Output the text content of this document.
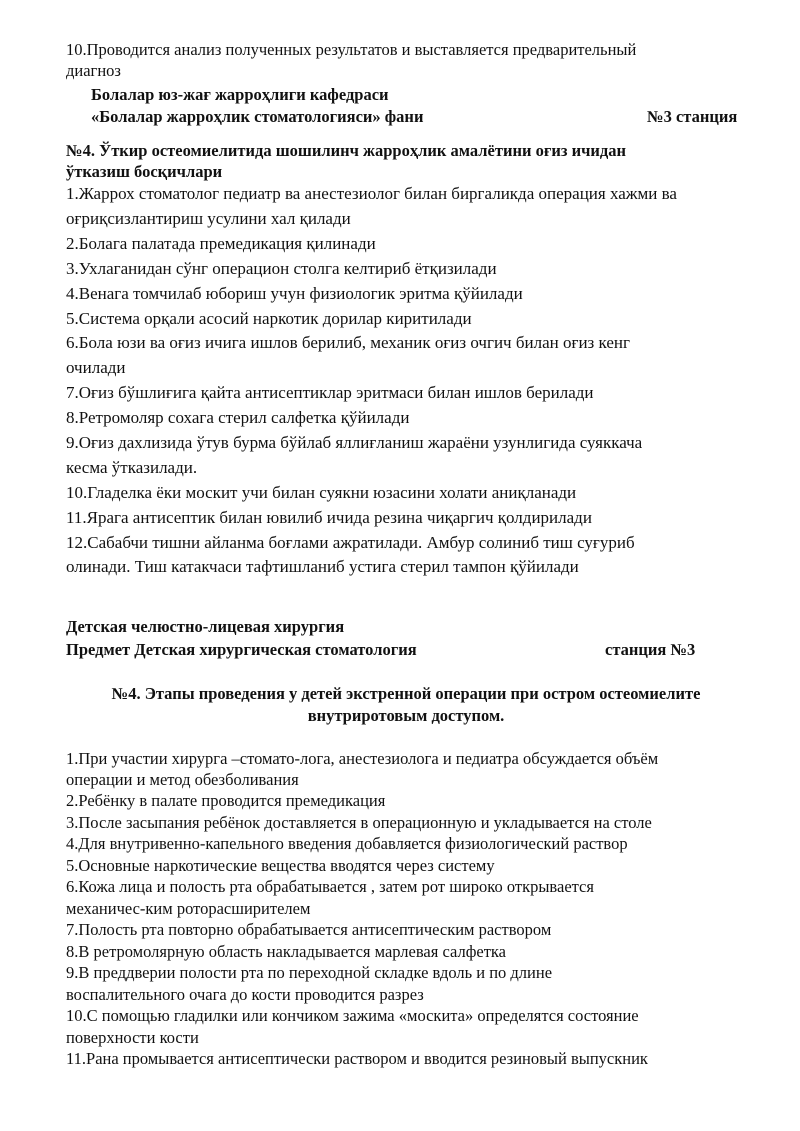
10.Проводится анализ полученных результатов и выставляется предварительный

диагноз

Болалар юз-жағ жарроҳлиги кафедраси

«Болалар жарроҳлик стоматологияси» фани	№3 станция

№4. Ўткир остеомиелитида шошилинч жарроҳлик амалётини оғиз ичидан

ўтказиш босқичлари

1.Жаррох стоматолог педиатр ва анестезиолог билан биргаликда операция хажми ва

оғриқсизлантириш усулини хал қилади

2.Болага палатада премедикация қилинади

3.Ухлаганидан сўнг операцион столга келтириб ётқизилади

4.Венага томчилаб юбориш учун физиологик эритма қўйилади

5.Система орқали асосий наркотик дорилар киритилади

6.Бола юзи ва оғиз ичига ишлов берилиб, механик оғиз очгич билан оғиз кенг

очилади

7.Оғиз бўшлиғига қайта антисептиклар эритмаси билан ишлов берилади

8.Ретромоляр сохага стерил салфетка қўйилади

9.Оғиз дахлизида ўтув бурма бўйлаб яллиғланиш жараёни узунлигида суяккача

кесма ўтказилади.

10.Гладелка ёки москит учи билан суякни юзасини холати аниқланади

11.Ярага антисептик билан ювилиб ичида резина чиқаргич қолдирилади

12.Сабабчи тишни айланма боғлами ажратилади. Амбур солиниб тиш суғуриб

олинади. Тиш катакчаси тафтишланиб устига стерил тампон қўйилади

Детская челюстно-лицевая хирургия

Предмет Детская хирургическая стоматология	станция №3

№4. Этапы проведения у детей экстренной операции при остром остеомиелите

внутриротовым доступом.

1.При участии хирурга –стомато-лога, анестезиолога и педиатра обсуждается объём

операции и метод обезболивания

2.Ребёнку в палате проводится премедикация

3.После засыпания ребёнок доставляется в операционную и укладывается на столе

4.Для внутривенно-капельного введения добавляется физиологический раствор

5.Основные наркотические вещества вводятся через систему

6.Кожа лица и полость рта обрабатывается , затем рот широко открывается

механичес-ким роторасширителем

7.Полость рта повторно обрабатывается антисептическим раствором

8.В ретромолярную область накладывается марлевая салфетка

9.В преддверии полости рта по переходной складке вдоль и по длине

воспалительного очага до кости проводится разрез

10.С помощью гладилки или кончиком зажима «москита» определятся состояние

поверхности кости

11.Рана промывается антисептически раствором и вводится резиновый выпускник
